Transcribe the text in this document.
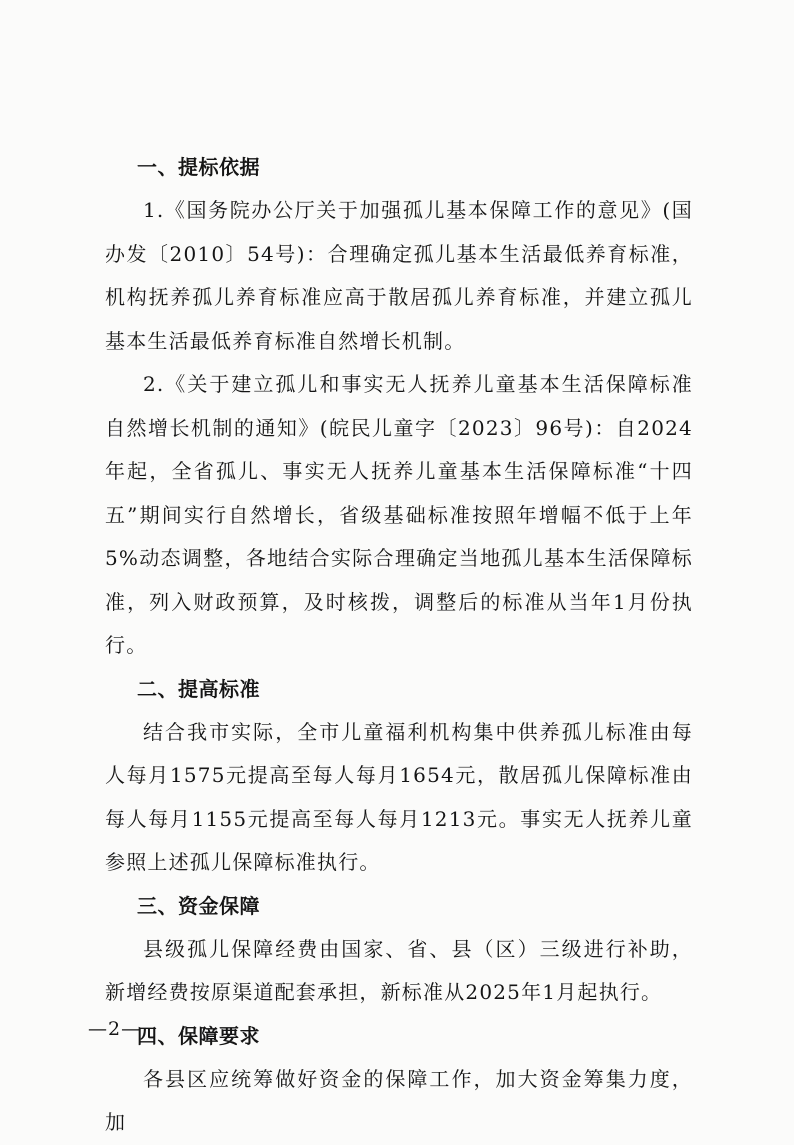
一、提标依据

1.《国务院办公厅关于加强孤儿基本保障工作的意见》(国办发〔2010〕54号)：合理确定孤儿基本生活最低养育标准，机构抚养孤儿养育标准应高于散居孤儿养育标准，并建立孤儿基本生活最低养育标准自然增长机制。

2.《关于建立孤儿和事实无人抚养儿童基本生活保障标准自然增长机制的通知》(皖民儿童字〔2023〕96号)：自2024年起，全省孤儿、事实无人抚养儿童基本生活保障标准“十四五”期间实行自然增长，省级基础标准按照年增幅不低于上年5%动态调整，各地结合实际合理确定当地孤儿基本生活保障标准，列入财政预算，及时核拨，调整后的标准从当年1月份执行。

二、提高标准

结合我市实际，全市儿童福利机构集中供养孤儿标准由每人每月1575元提高至每人每月1654元，散居孤儿保障标准由每人每月1155元提高至每人每月1213元。事实无人抚养儿童参照上述孤儿保障标准执行。

三、资金保障

县级孤儿保障经费由国家、省、县（区）三级进行补助，新增经费按原渠道配套承担，新标准从2025年1月起执行。

四、保障要求

各县区应统筹做好资金的保障工作，加大资金筹集力度，加

—2—
